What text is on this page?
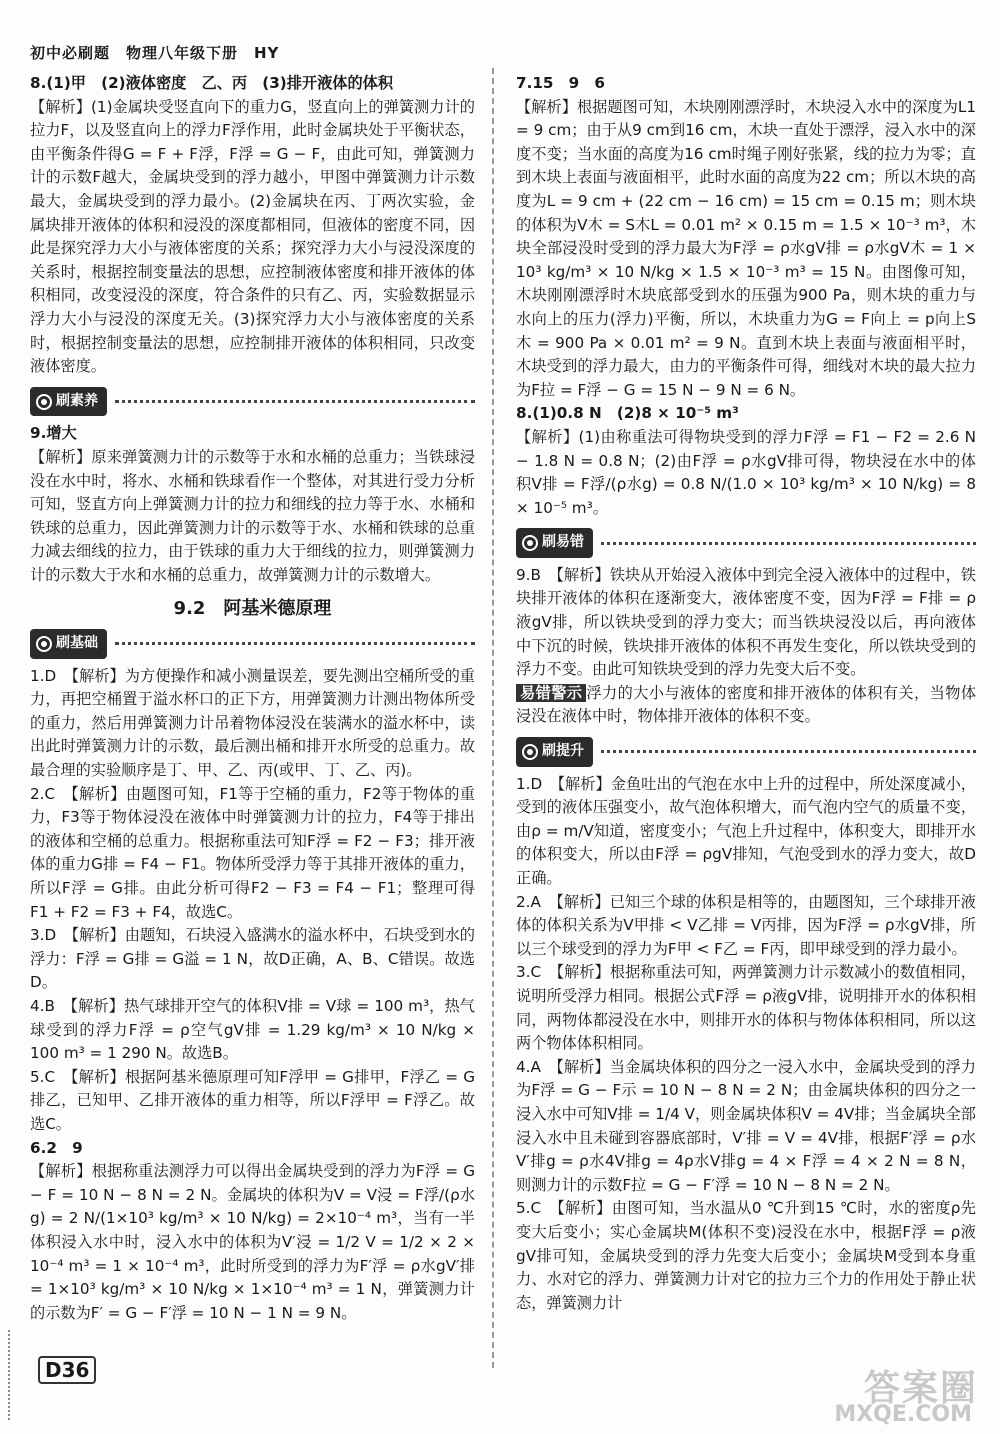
初中必刷题　物理八年级下册　HY

8.(1)甲　(2)液体密度　乙、丙　(3)排开液体的体积

【解析】(1)金属块受竖直向下的重力G，竖直向上的弹簧测力计的拉力F，以及竖直向上的浮力F浮作用，此时金属块处于平衡状态，由平衡条件得G = F + F浮，F浮 = G − F，由此可知，弹簧测力计的示数F越大，金属块受到的浮力越小，甲图中弹簧测力计示数最大，金属块受到的浮力最小。(2)金属块在丙、丁两次实验，金属块排开液体的体积和浸没的深度都相同，但液体的密度不同，因此是探究浮力大小与液体密度的关系；探究浮力大小与浸没深度的关系时，根据控制变量法的思想，应控制液体密度和排开液体的体积相同，改变浸没的深度，符合条件的只有乙、丙，实验数据显示浮力大小与浸没的深度无关。(3)探究浮力大小与液体密度的关系时，根据控制变量法的思想，应控制排开液体的体积相同，只改变液体密度。

刷素养

9.增大

【解析】原来弹簧测力计的示数等于水和水桶的总重力；当铁球浸没在水中时，将水、水桶和铁球看作一个整体，对其进行受力分析可知，竖直方向上弹簧测力计的拉力和细线的拉力等于水、水桶和铁球的总重力，因此弹簧测力计的示数等于水、水桶和铁球的总重力减去细线的拉力，由于铁球的重力大于细线的拉力，则弹簧测力计的示数大于水和水桶的总重力，故弹簧测力计的示数增大。

9.2　阿基米德原理
刷基础

1.D　【解析】为方便操作和减小测量误差，要先测出空桶所受的重力，再把空桶置于溢水杯口的正下方，用弹簧测力计测出物体所受的重力，然后用弹簧测力计吊着物体浸没在装满水的溢水杯中，读出此时弹簧测力计的示数，最后测出桶和排开水所受的总重力。故最合理的实验顺序是丁、甲、乙、丙(或甲、丁、乙、丙)。

2.C　【解析】由题图可知，F1等于空桶的重力，F2等于物体的重力，F3等于物体浸没在液体中时弹簧测力计的拉力，F4等于排出的液体和空桶的总重力。根据称重法可知F浮 = F2 − F3；排开液体的重力G排 = F4 − F1。物体所受浮力等于其排开液体的重力，所以F浮 = G排。由此分析可得F2 − F3 = F4 − F1；整理可得F1 + F2 = F3 + F4，故选C。

3.D　【解析】由题知，石块浸入盛满水的溢水杯中，石块受到水的浮力：F浮 = G排 = G溢 = 1 N，故D正确，A、B、C错误。故选D。

4.B　【解析】热气球排开空气的体积V排 = V球 = 100 m³，热气球受到的浮力F浮 = ρ空气gV排 = 1.29 kg/m³ × 10 N/kg × 100 m³ = 1 290 N。故选B。

5.C　【解析】根据阿基米德原理可知F浮甲 = G排甲，F浮乙 = G排乙，已知甲、乙排开液体的重力相等，所以F浮甲 = F浮乙。故选C。

6.2　9

【解析】根据称重法测浮力可以得出金属块受到的浮力为F浮 = G − F = 10 N − 8 N = 2 N。金属块的体积为V = V浸 = F浮/(ρ水g) = 2 N/(1×10³ kg/m³ × 10 N/kg) = 2×10⁻⁴ m³，当有一半体积浸入水中时，浸入水中的体积为V′浸 = 1/2 V = 1/2 × 2 × 10⁻⁴ m³ = 1 × 10⁻⁴ m³，此时所受到的浮力为F′浮 = ρ水gV′排 = 1×10³ kg/m³ × 10 N/kg × 1×10⁻⁴ m³ = 1 N，弹簧测力计的示数为F′ = G − F′浮 = 10 N − 1 N = 9 N。

7.15　9　6

【解析】根据题图可知，木块刚刚漂浮时，木块浸入水中的深度为L1 = 9 cm；由于从9 cm到16 cm，木块一直处于漂浮，浸入水中的深度不变；当水面的高度为16 cm时绳子刚好张紧，线的拉力为零；直到木块上表面与液面相平，此时水面的高度为22 cm；所以木块的高度为L = 9 cm + (22 cm − 16 cm) = 15 cm = 0.15 m；则木块的体积为V木 = S木L = 0.01 m² × 0.15 m = 1.5 × 10⁻³ m³，木块全部浸没时受到的浮力最大为F浮 = ρ水gV排 = ρ水gV木 = 1 × 10³ kg/m³ × 10 N/kg × 1.5 × 10⁻³ m³ = 15 N。由图像可知，木块刚刚漂浮时木块底部受到水的压强为900 Pa，则木块的重力与水向上的压力(浮力)平衡，所以，木块重力为G = F向上 = p向上S木 = 900 Pa × 0.01 m² = 9 N。直到木块上表面与液面相平时，木块受到的浮力最大，由力的平衡条件可得，细线对木块的最大拉力为F拉 = F浮 − G = 15 N − 9 N = 6 N。

8.(1)0.8 N　(2)8 × 10⁻⁵ m³

【解析】(1)由称重法可得物块受到的浮力F浮 = F1 − F2 = 2.6 N − 1.8 N = 0.8 N；(2)由F浮 = ρ水gV排可得，物块浸在水中的体积V排 = F浮/(ρ水g) = 0.8 N/(1.0 × 10³ kg/m³ × 10 N/kg) = 8 × 10⁻⁵ m³。

刷易错

9.B　【解析】铁块从开始浸入液体中到完全浸入液体中的过程中，铁块排开液体的体积在逐渐变大，液体密度不变，因为F浮 = F排 = ρ液gV排，所以铁块受到的浮力变大；而当铁块浸没以后，再向液体中下沉的时候，铁块排开液体的体积不再发生变化，所以铁块受到的浮力不变。由此可知铁块受到的浮力先变大后不变。

易错警示 浮力的大小与液体的密度和排开液体的体积有关，当物体浸没在液体中时，物体排开液体的体积不变。

刷提升

1.D　【解析】金鱼吐出的气泡在水中上升的过程中，所处深度减小，受到的液体压强变小，故气泡体积增大，而气泡内空气的质量不变，由ρ = m/V知道，密度变小；气泡上升过程中，体积变大，即排开水的体积变大，所以由F浮 = ρgV排知，气泡受到水的浮力变大，故D正确。

2.A　【解析】已知三个球的体积是相等的，由题图知，三个球排开液体的体积关系为V甲排 < V乙排 = V丙排，因为F浮 = ρ水gV排，所以三个球受到的浮力为F甲 < F乙 = F丙，即甲球受到的浮力最小。

3.C　【解析】根据称重法可知，两弹簧测力计示数减小的数值相同，说明所受浮力相同。根据公式F浮 = ρ液gV排，说明排开水的体积相同，两物体都浸没在水中，则排开水的体积与物体体积相同，所以这两个物体体积相同。

4.A　【解析】当金属块体积的四分之一浸入水中，金属块受到的浮力为F浮 = G − F示 = 10 N − 8 N = 2 N；由金属块体积的四分之一浸入水中可知V排 = 1/4 V，则金属块体积V = 4V排；当金属块全部浸入水中且未碰到容器底部时，V′排 = V = 4V排，根据F′浮 = ρ水V′排g = ρ水4V排g = 4ρ水V排g = 4 × F浮 = 4 × 2 N = 8 N，则测力计的示数F拉 = G − F′浮 = 10 N − 8 N = 2 N。

5.C　【解析】由图可知，当水温从0 ℃升到15 ℃时，水的密度ρ先变大后变小；实心金属块M(体积不变)浸没在水中，根据F浮 = ρ液gV排可知，金属块受到的浮力先变大后变小；金属块M受到本身重力、水对它的浮力、弹簧测力计对它的拉力三个力的作用处于静止状态，弹簧测力计

D36	答案圈
MXQE.COM
